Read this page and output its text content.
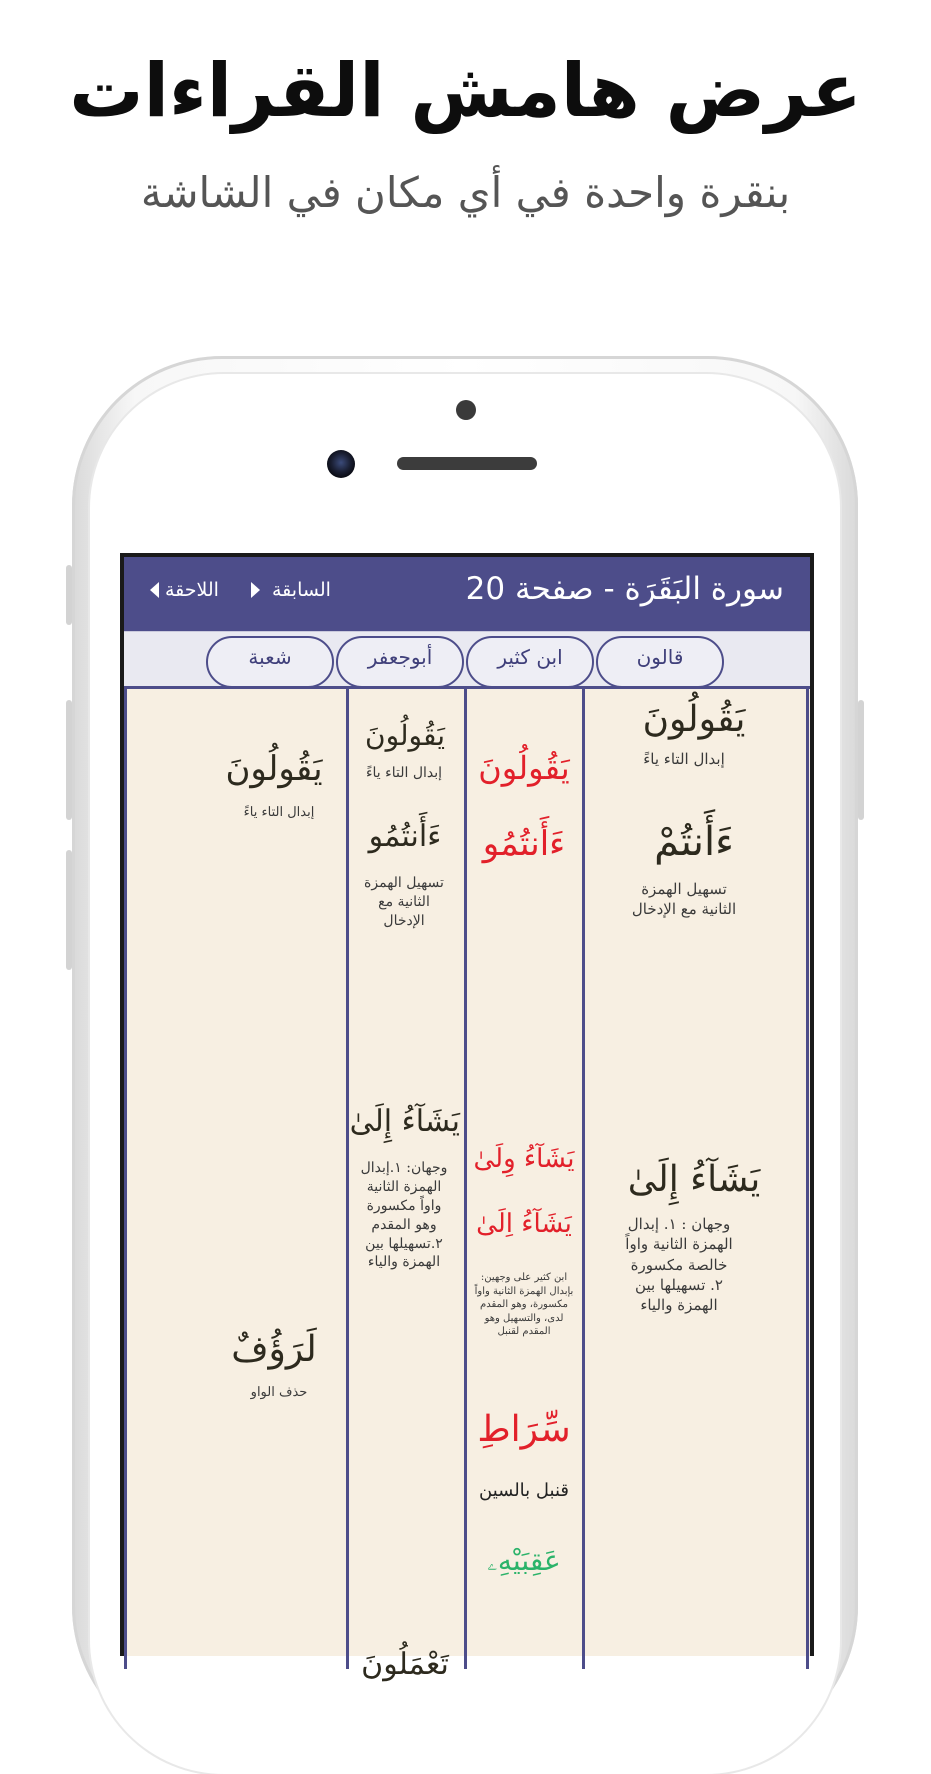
عرض هامش القراءات
بنقرة واحدة في أي مكان في الشاشة
سورة البَقَرَة - صفحة 20
السابقة
اللاحقة
قالون
ابن كثير
أبوجعفر
شعبة
يَقُولُونَ
إبدال التاء ياءً
ءَأَنتُمْ
تسهيل الهمزة الثانية مع الإدخال
يَشَآءُ إِلَىٰ
وجهان : ١. إبدال الهمزة الثانية واواً خالصة مكسورة ٢. تسهيلها بين الهمزة والياء
يَقُولُونَ
ءَأَنتُمُو
يَشَآءُ وِلَىٰ
يَشَآءُ اِلَىٰ
ابن كثير على وجهين: بإبدال الهمزة الثانية واواً مكسورة، وهو المقدم لدى، والتسهيل وهو المقدم لقنبل
سِّرَاطِ
قنبل بالسين
عَقِبَيْهِۦ
يَقُولُونَ
إبدال التاء ياءً
ءَأَنتُمُو
تسهيل الهمزة الثانية مع الإدخال
يَشَآءُ إِلَىٰ
وجهان: ١.إبدال الهمزة الثانية واواً مكسورة وهو المقدم ٢.تسهيلها بين الهمزة والياء
تَعْمَلُونَ
يَقُولُونَ
إبدال التاء ياءً
لَرَؤُفٌ
حذف الواو
